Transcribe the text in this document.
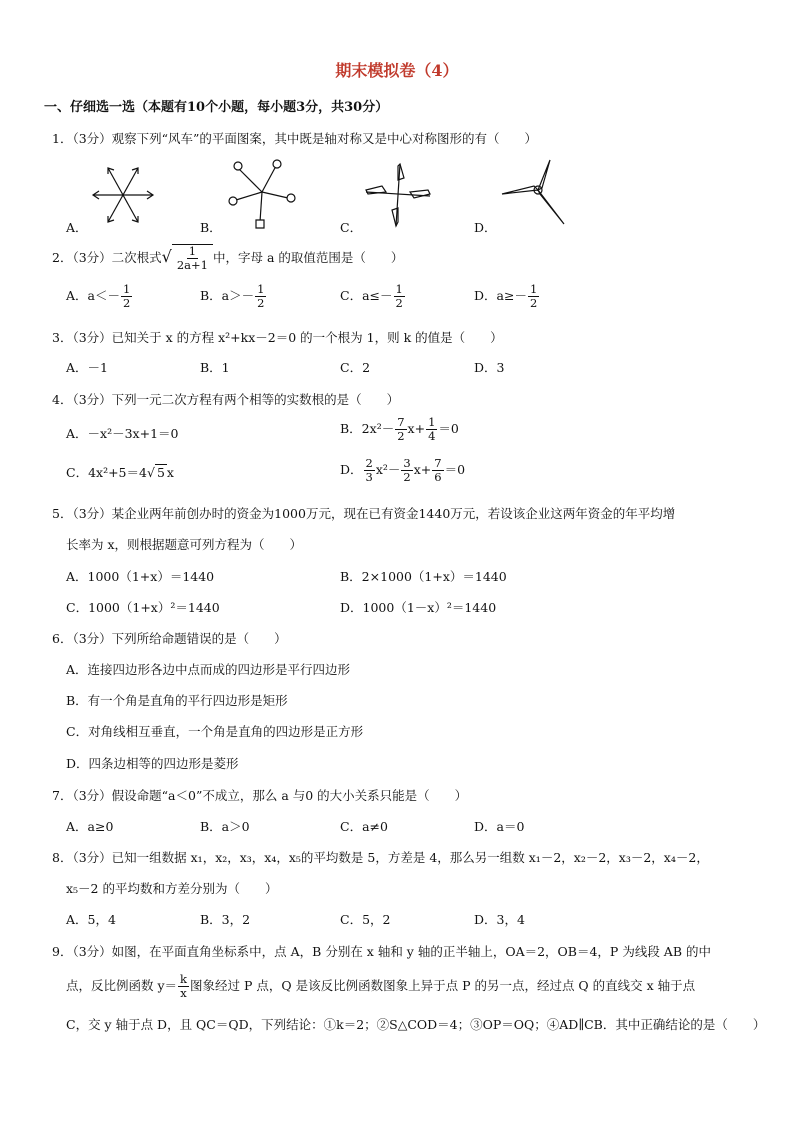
期末模拟卷（4）
一、仔细选一选（本题有10个小题，每小题3分，共30分）
1．（3分）观察下列“风车”的平面图案，其中既是轴对称又是中心对称图形的有（　　）
A．	B．	C．	D．
2．（3分）二次根式√ $\frac{1}{2a+1}$ 中，字母 a 的取值范围是（　　）
A．$a<- \frac{1}{2}$	B．$a>- \frac{1}{2}$	C．$a\le- \frac{1}{2}$	D．$a\ge- \frac{1}{2}$
3．（3分）已知关于 x 的方程 x²+kx－2＝0 的一个根为 1，则 k 的值是（　　）
A．－1	B．1	C．2	D．3
4．（3分）下列一元二次方程有两个相等的实数根的是（　　）
A．－x²－3x+1＝0	B．$2x^2- \frac{7}{2} x+ \frac{1}{4} =0$
C．4x²+5＝4√ 5 x	D． $\frac{2}{3} x^2- \frac{3}{2} x+ \frac{7}{6} =0$
5．（3分）某企业两年前创办时的资金为1000万元，现在已有资金1440万元，若设该企业这两年资金的年平均增
长率为 x，则根据题意可列方程为（　　）
A．1000（1+x）＝1440	B．2×1000（1+x）＝1440
C．1000（1+x）²＝1440	D．1000（1－x）²＝1440
6．（3分）下列所给命题错误的是（　　）
A．连接四边形各边中点而成的四边形是平行四边形
B．有一个角是直角的平行四边形是矩形
C．对角线相互垂直，一个角是直角的四边形是正方形
D．四条边相等的四边形是菱形
7．（3分）假设命题“a＜0”不成立，那么 a 与0 的大小关系只能是（　　）
A．a≥0	B．a＞0	C．a≠0	D．a＝0
8．（3分）已知一组数据 x₁，x₂，x₃，x₄，x₅的平均数是 5，方差是 4，那么另一组数 x₁－2，x₂－2，x₃－2，x₄－2，
x₅－2 的平均数和方差分别为（　　）
A．5，4	B．3，2	C．5，2	D．3，4
9．（3分）如图，在平面直角坐标系中，点 A，B 分别在 x 轴和 y 轴的正半轴上，OA＝2，OB＝4，P 为线段 AB 的中
点，反比例函数 $y= \frac{k}{x}$ 图象经过 P 点，Q 是该反比例函数图象上异于点 P 的另一点，经过点 Q 的直线交 x 轴于点
C，交 y 轴于点 D，且 QC＝QD，下列结论：①k＝2；②S△COD＝4；③OP＝OQ；④AD∥CB．其中正确结论的是（　　）
